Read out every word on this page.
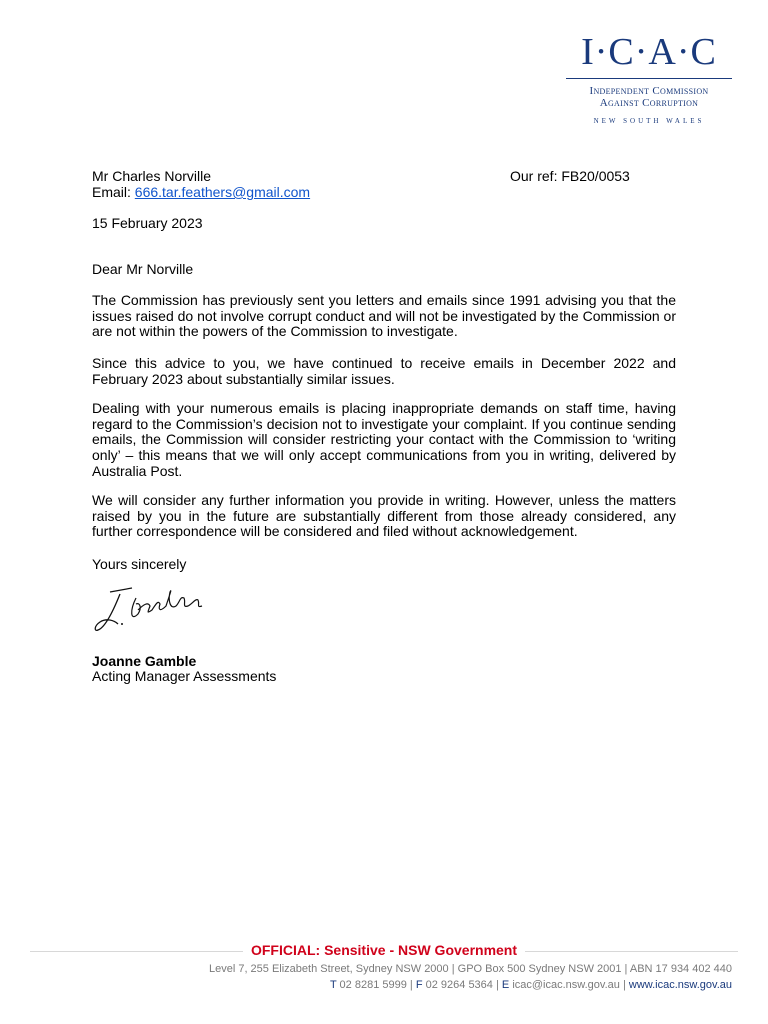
I·C·A·C
Independent Commission
Against Corruption
NEW SOUTH WALES
Mr Charles Norville
Email: 666.tar.feathers@gmail.com
Our ref: FB20/0053
15 February 2023
Dear Mr Norville
The Commission has previously sent you letters and emails since 1991 advising you that the issues raised do not involve corrupt conduct and will not be investigated by the Commission or are not within the powers of the Commission to investigate.
Since this advice to you, we have continued to receive emails in December 2022 and February 2023 about substantially similar issues.
Dealing with your numerous emails is placing inappropriate demands on staff time, having regard to the Commission’s decision not to investigate your complaint. If you continue sending emails, the Commission will consider restricting your contact with the Commission to ‘writing only’ – this means that we will only accept communications from you in writing, delivered by Australia Post.
We will consider any further information you provide in writing. However, unless the matters raised by you in the future are substantially different from those already considered, any further correspondence will be considered and filed without acknowledgement.
Yours sincerely
Joanne Gamble
Acting Manager Assessments
OFFICIAL: Sensitive - NSW Government
Level 7, 255 Elizabeth Street, Sydney NSW 2000 | GPO Box 500 Sydney NSW 2001 | ABN 17 934 402 440
T 02 8281 5999 | F 02 9264 5364 | E icac@icac.nsw.gov.au | www.icac.nsw.gov.au
